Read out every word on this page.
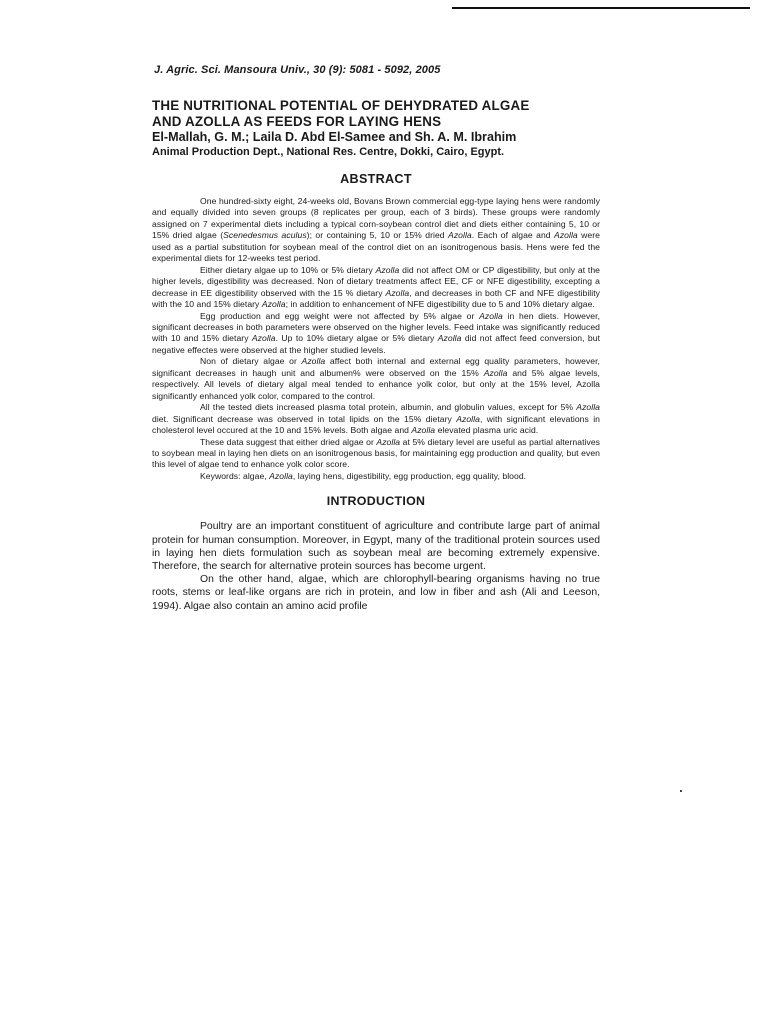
J. Agric. Sci. Mansoura Univ., 30 (9): 5081 - 5092, 2005

THE NUTRITIONAL POTENTIAL OF DEHYDRATED ALGAE
AND AZOLLA AS FEEDS FOR LAYING HENS

El-Mallah, G. M.; Laila D. Abd El-Samee and Sh. A. M. Ibrahim

Animal Production Dept., National Res. Centre, Dokki, Cairo, Egypt.

ABSTRACT

One hundred-sixty eight, 24-weeks old, Bovans Brown commercial egg-type laying hens were randomly and equally divided into seven groups (8 replicates per group, each of 3 birds). These groups were randomly assigned on 7 experimental diets including a typical corn-soybean control diet and diets either containing 5, 10 or 15% dried algae (Scenedesmus aculus); or containing 5, 10 or 15% dried Azolla. Each of algae and Azolla were used as a partial substitution for soybean meal of the control diet on an isonitrogenous basis. Hens were fed the experimental diets for 12-weeks test period.

Either dietary algae up to 10% or 5% dietary Azolla did not affect OM or CP digestibility, but only at the higher levels, digestibility was decreased. Non of dietary treatments affect EE, CF or NFE digestibility, excepting a decrease in EE digestibility observed with the 15 % dietary Azolla, and decreases in both CF and NFE digestibility with the 10 and 15% dietary Azolla; in addition to enhancement of NFE digestibility due to 5 and 10% dietary algae.

Egg production and egg weight were not affected by 5% algae or Azolla in hen diets. However, significant decreases in both parameters were observed on the higher levels. Feed intake was significantly reduced with 10 and 15% dietary Azolla. Up to 10% dietary algae or 5% dietary Azolla did not affect feed conversion, but negative effectes were observed at the higher studied levels.

Non of dietary algae or Azolla affect both internal and external egg quality parameters, however, significant decreases in haugh unit and albumen% were observed on the 15% Azolla and 5% algae levels, respectively. All levels of dietary algal meal tended to enhance yolk color, but only at the 15% level, Azolla significantly enhanced yolk color, compared to the control.

All the tested diets increased plasma total protein, albumin, and globulin values, except for 5% Azolla diet. Significant decrease was observed in total lipids on the 15% dietary Azolla, with significant elevations in cholesterol level occured at the 10 and 15% levels. Both algae and Azolla elevated plasma uric acid.

These data suggest that either dried algae or Azolla at 5% dietary level are useful as partial alternatives to soybean meal in laying hen diets on an isonitrogenous basis, for maintaining egg production and quality, but even this level of algae tend to enhance yolk color score.

Keywords: algae, Azolla, laying hens, digestibility, egg production, egg quality, blood.

INTRODUCTION

Poultry are an important constituent of agriculture and contribute large part of animal protein for human consumption. Moreover, in Egypt, many of the traditional protein sources used in laying hen diets formulation such as soybean meal are becoming extremely expensive. Therefore, the search for alternative protein sources has become urgent.

On the other hand, algae, which are chlorophyll-bearing organisms having no true roots, stems or leaf-like organs are rich in protein, and low in fiber and ash (Ali and Leeson, 1994). Algae also contain an amino acid profile
